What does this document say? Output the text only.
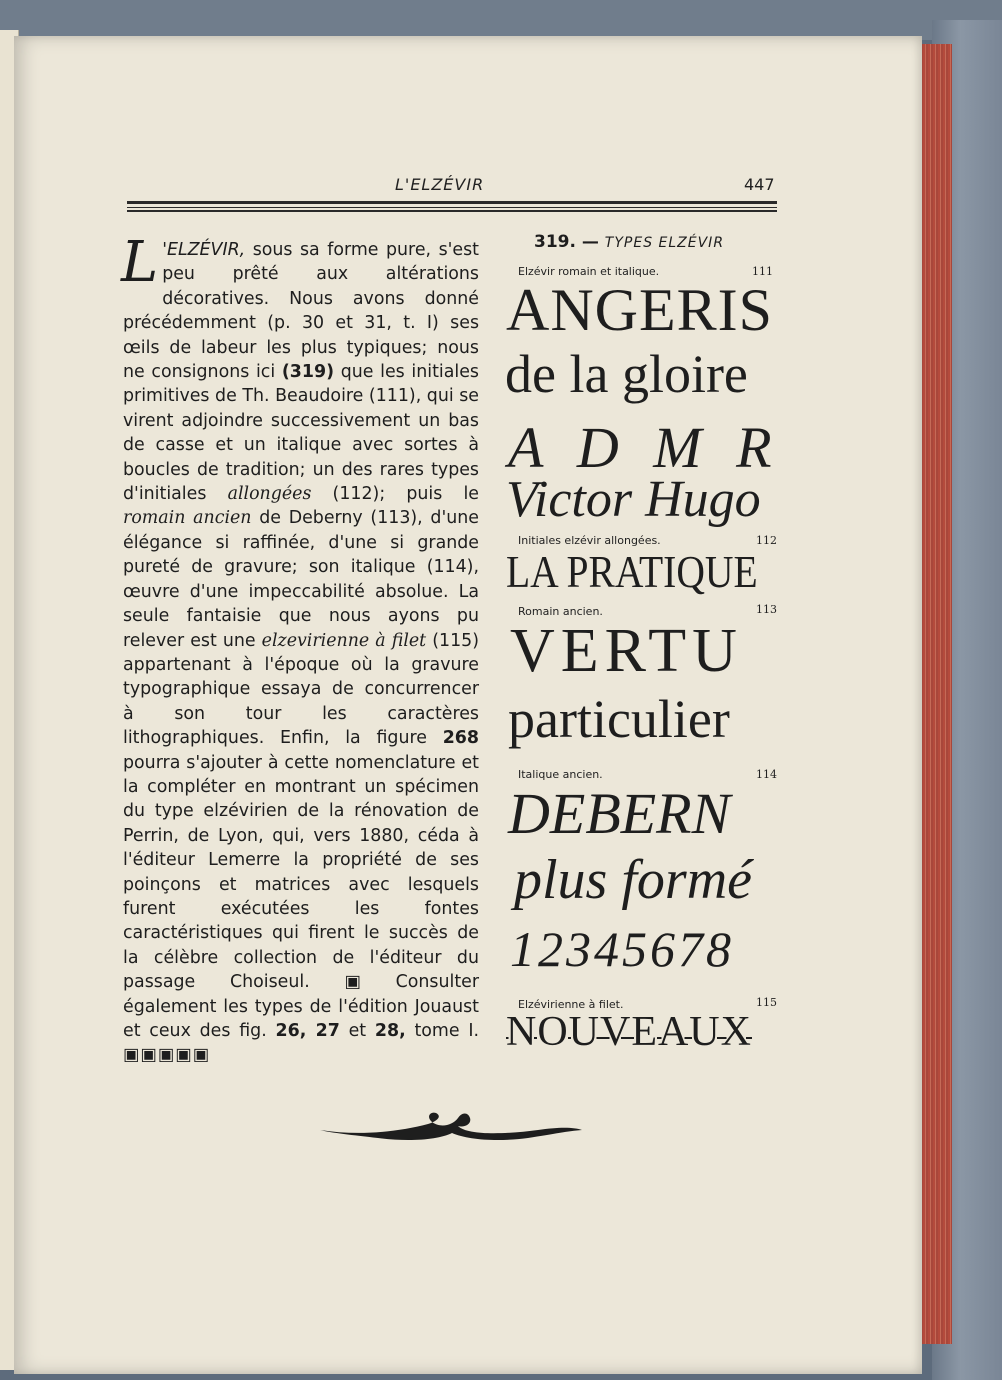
L'ELZÉVIR	447
L 'ELZÉVIR, sous sa forme pure, s'est peu prêté aux altérations décoratives. Nous avons donné précédemment (p. 30 et 31, t. I) ses œils de labeur les plus typiques; nous ne consignons ici (319) que les initiales primitives de Th. Beaudoire (111), qui se virent adjoindre successivement un bas de casse et un italique avec sortes à boucles de tradition; un des rares types d'initiales allongées (112); puis le romain ancien de Deberny (113), d'une élégance si raffinée, d'une si grande pureté de gravure; son italique (114), œuvre d'une impeccabilité absolue. La seule fantaisie que nous ayons pu relever est une elzevirienne à filet (115) appartenant à l'époque où la gravure typographique essaya de concurrencer à son tour les caractères lithographiques. Enfin, la figure 268 pourra s'ajouter à cette nomenclature et la compléter en montrant un spécimen du type elzévirien de la rénovation de Perrin, de Lyon, qui, vers 1880, céda à l'éditeur Lemerre la propriété de ses poinçons et matrices avec lesquels furent exécutées les fontes caractéristiques qui firent le succès de la célèbre collection de l'éditeur du passage Choiseul. ▣ Consulter également les types de l'édition Jouaust et ceux des fig. 26, 27 et 28, tome I. ▣▣▣▣▣
319. — TYPES ELZÉVIR
Elzévir romain et italique.	111
ANGERIS
de la gloire
A D M R
Victor Hugo
Initiales elzévir allongées.	112
LA PRATIQUE
Romain ancien.	113
VERTU
particulier
Italique ancien.	114
DEBERN
plus formé
12345678
Elzévirienne à filet.	115
NOUVEAUX
